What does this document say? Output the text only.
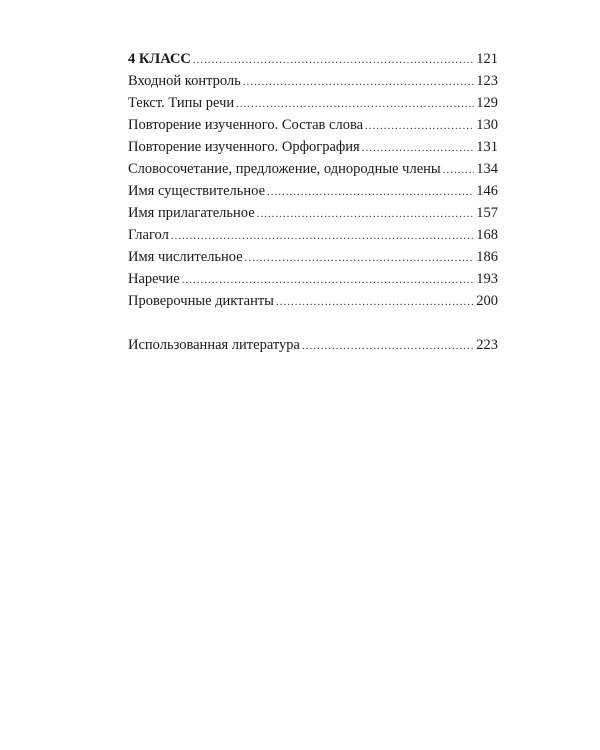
4 КЛАСС .....	121
Входной контроль .....	123
Текст. Типы речи .....	129
Повторение изученного. Состав слова .....	130
Повторение изученного. Орфография .....	131
Словосочетание, предложение, однородные члены ..... 134
Имя существительное .....	146
Имя прилагательное .....	157
Глагол .....	168
Имя числительное .....	186
Наречие .....	193
Проверочные диктанты .....	200
Использованная литература .....	223
